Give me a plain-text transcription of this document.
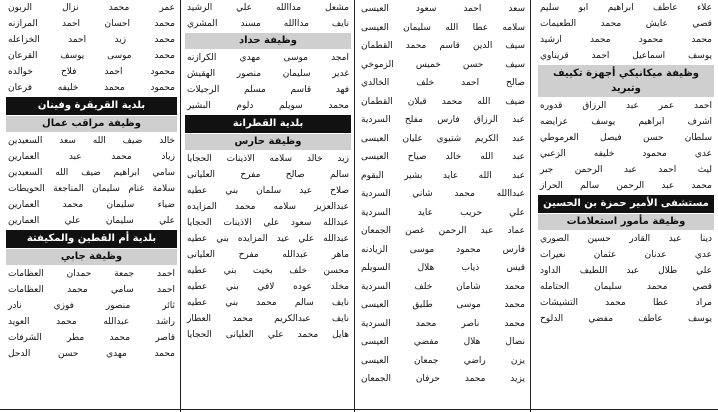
علاء عاطف ابراهيم ابو سليم
قصي عايش محمد الطعيمات
محمد محمود محمد ارشيد
يوسف اسماعيل احمد قريناوي
وظيفة ميكانيكي أجهزة تكييف وتبريد
احمد عمر عبد الرزاق قدوره
اشرف ابراهيم يوسف عرايضه
سلطان حسن فيصل العرموطي
عدي محمود خليفه الزعبي
ليث احمد عبد الرحمن جبر
محمد عبد الرحمن سالم الحراز
مستشفى الأمير حمزة بن الحسين
وظيفة مأمور استعلامات
دينا عبد القادر حسين الصوري
عدي عدنان عثمان نعيرات
علي طلال عبد اللطيف الداود
قصي محمد سليمان الحتامله
مراد عطا محمد التشيشات
يوسف عاطف مفضي الدلوح
سعد احمد سعود العيسى
سلامه عطا الله سليمان العيسى
سيف الدين قاسم محمد القطمان
سيف حسن خميس الزموخي
صالح احمد خلف الخالدي
ضيف الله محمد قبلان القطمان
عبد الرزاق فارس مفلح السردية
عبد الكريم شتيوي عليان العيسى
عبد الله خالد صياح العيسى
عبد الله عايد بشير البقوم
عبداالله محمد شاني السردية
علي حريب عايد السردية
عماد عبد الرحمن غصن الجمعان
فارس محمود موسى الزيادنه
قيس ذياب هلال السويلم
محمد شامان خلف السردية
محمد موسى طليق العيسى
محمد ناصر محمد السردية
نضال هلال مفضي العيسى
يزن راضي جمعان العيسى
يزيد محمد حرفان الجمعان
مشعل مداالله علي الرشيد
نايف مداالله مسند المشري
وظيفة حداد
امجد موسى مهدي الكرازنه
غدير سليمان منصور الهقيش
فهد قاسم مسلم الرجيلات
محمد سويلم دلوم البشير
بلدية القطرانة
وظيفة حارس
زيد خالد سلامه الاذينات الحجايا
سالم صالح مفرح العليانى
صلاح عيد سلمان بني عطيه
عبدالعزيز سلامه محمد المزايده
عبدالله سعود علي الاذينات الحجايا
عبدالله علي عيد المزايده بني عطيه
ماهر عبدالله مفرح العليانى
محسن خلف بخيت بني عطيه
مخلد عوده لافي بني عطيه
نايف سالم محمد بني عطيه
نايف عبدالكريم محمد العطار
هايل محمد علي العليانى الحجايا
عمر محمد نزال الربون
محمد احسان احمد المرازنه
محمد زيد احمد الخزاعله
محمد موسى يوسف القرعان
محمود احمد فلاح خوالده
محمود محمد خليفه فرعان
بلدية القريقرة وفينان
وظيفة مراقب عمال
خالد ضيف الله سعد السعيدين
زياد محمد عبد العمارين
سامي ابراهيم ضيف الله السعيدين
سلامة غنام سليمان المناجعة الحويطات
ضياء سليمان محمد العمارين
علي سليمان علي العمارين
بلدية أم القطين والمكيفتة
وظيفة جابي
احمد جمعة حمدان العظامات
احمد سامي محمد العظامات
ثائر منصور فوزي نادر
راشد عبدالله محمد العويد
قاصر محمد مطر الشرفات
محمد مهدي حسن الدحل
